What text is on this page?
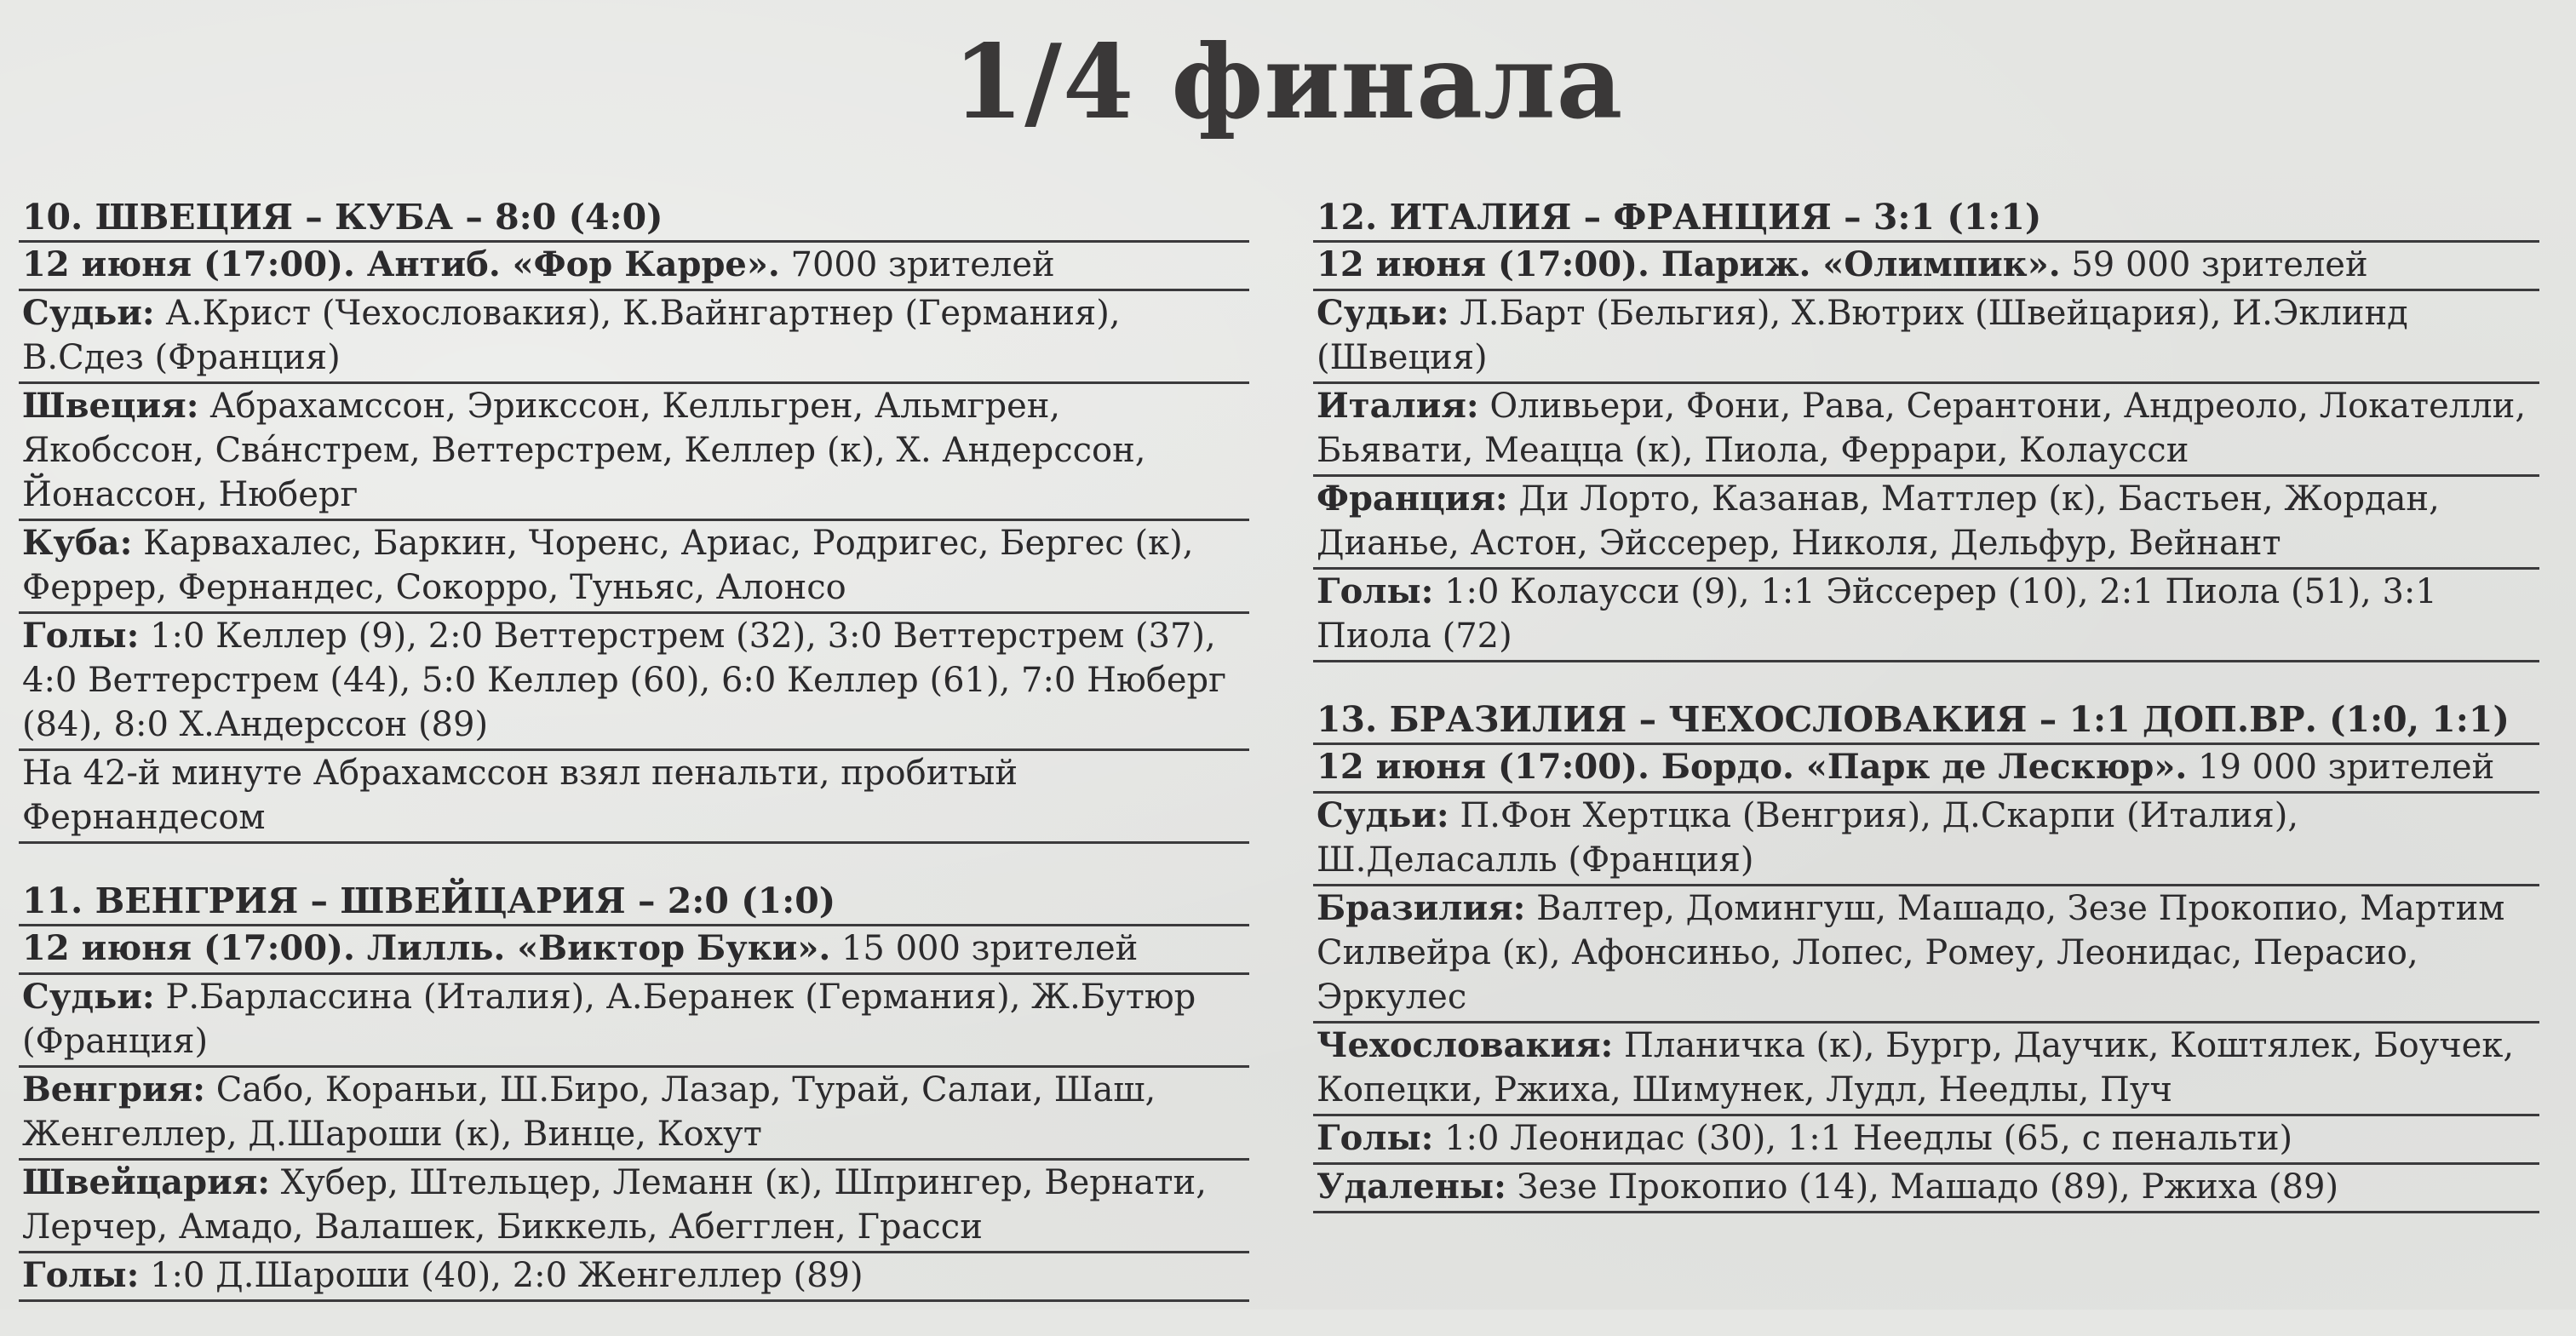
1/4 финала
10. ШВЕЦИЯ – КУБА – 8:0 (4:0)
12 июня (17:00). Антиб. «Фор Карре». 7000 зрителей
Судьи: А.Крист (Чехословакия), К.Вайнгартнер (Германия), В.Сдез (Франция)
Швеция: Абрахамссон, Эрикссон, Келльгрен, Альмгрен, Якобссон, Свáнстрем, Веттерстрем, Келлер (к), Х. Андерссон, Йонассон, Нюберг
Куба: Карвахалес, Баркин, Чоренс, Ариас, Родригес, Бергес (к), Феррер, Фернандес, Сокорро, Туньяс, Алонсо
Голы: 1:0 Келлер (9), 2:0 Веттерстрем (32), 3:0 Веттерстрем (37), 4:0 Веттерстрем (44), 5:0 Келлер (60), 6:0 Келлер (61), 7:0 Нюберг (84), 8:0 Х.Андерссон (89)
На 42-й минуте Абрахамссон взял пенальти, пробитый Фернандесом
11. ВЕНГРИЯ – ШВЕЙЦАРИЯ – 2:0 (1:0)
12 июня (17:00). Лилль. «Виктор Буки». 15 000 зрителей
Судьи: Р.Барлассина (Италия), А.Беранек (Германия), Ж.Бутюр (Франция)
Венгрия: Сабо, Кораньи, Ш.Биро, Лазар, Турай, Салаи, Шаш, Женгеллер, Д.Шароши (к), Винце, Кохут
Швейцария: Хубер, Штельцер, Леманн (к), Шпрингер, Вернати, Лерчер, Амадо, Валашек, Биккель, Абегглен, Грасси
Голы: 1:0 Д.Шароши (40), 2:0 Женгеллер (89)
12. ИТАЛИЯ – ФРАНЦИЯ – 3:1 (1:1)
12 июня (17:00). Париж. «Олимпик». 59 000 зрителей
Судьи: Л.Барт (Бельгия), Х.Вютрих (Швейцария), И.Эклинд (Швеция)
Италия: Оливьери, Фони, Рава, Серантони, Андреоло, Локателли, Бьявати, Меацца (к), Пиола, Феррари, Колаусси
Франция: Ди Лорто, Казанав, Маттлер (к), Бастьен, Жордан, Дианье, Астон, Эйссерер, Николя, Дельфур, Вейнант
Голы: 1:0 Колаусси (9), 1:1 Эйссерер (10), 2:1 Пиола (51), 3:1 Пиола (72)
13. БРАЗИЛИЯ – ЧЕХОСЛОВАКИЯ – 1:1 ДОП.ВР. (1:0, 1:1)
12 июня (17:00). Бордо. «Парк де Лескюр». 19 000 зрителей
Судьи: П.Фон Хертцка (Венгрия), Д.Скарпи (Италия), Ш.Деласалль (Франция)
Бразилия: Валтер, Домингуш, Машадо, Зезе Прокопио, Мартим Силвейра (к), Афонсиньо, Лопес, Ромеу, Леонидас, Перасио, Эркулес
Чехословакия: Планичка (к), Бургр, Даучик, Коштялек, Боучек, Копецки, Ржиха, Шимунек, Лудл, Неедлы, Пуч
Голы: 1:0 Леонидас (30), 1:1 Неедлы (65, с пенальти)
Удалены: Зезе Прокопио (14), Машадо (89), Ржиха (89)
